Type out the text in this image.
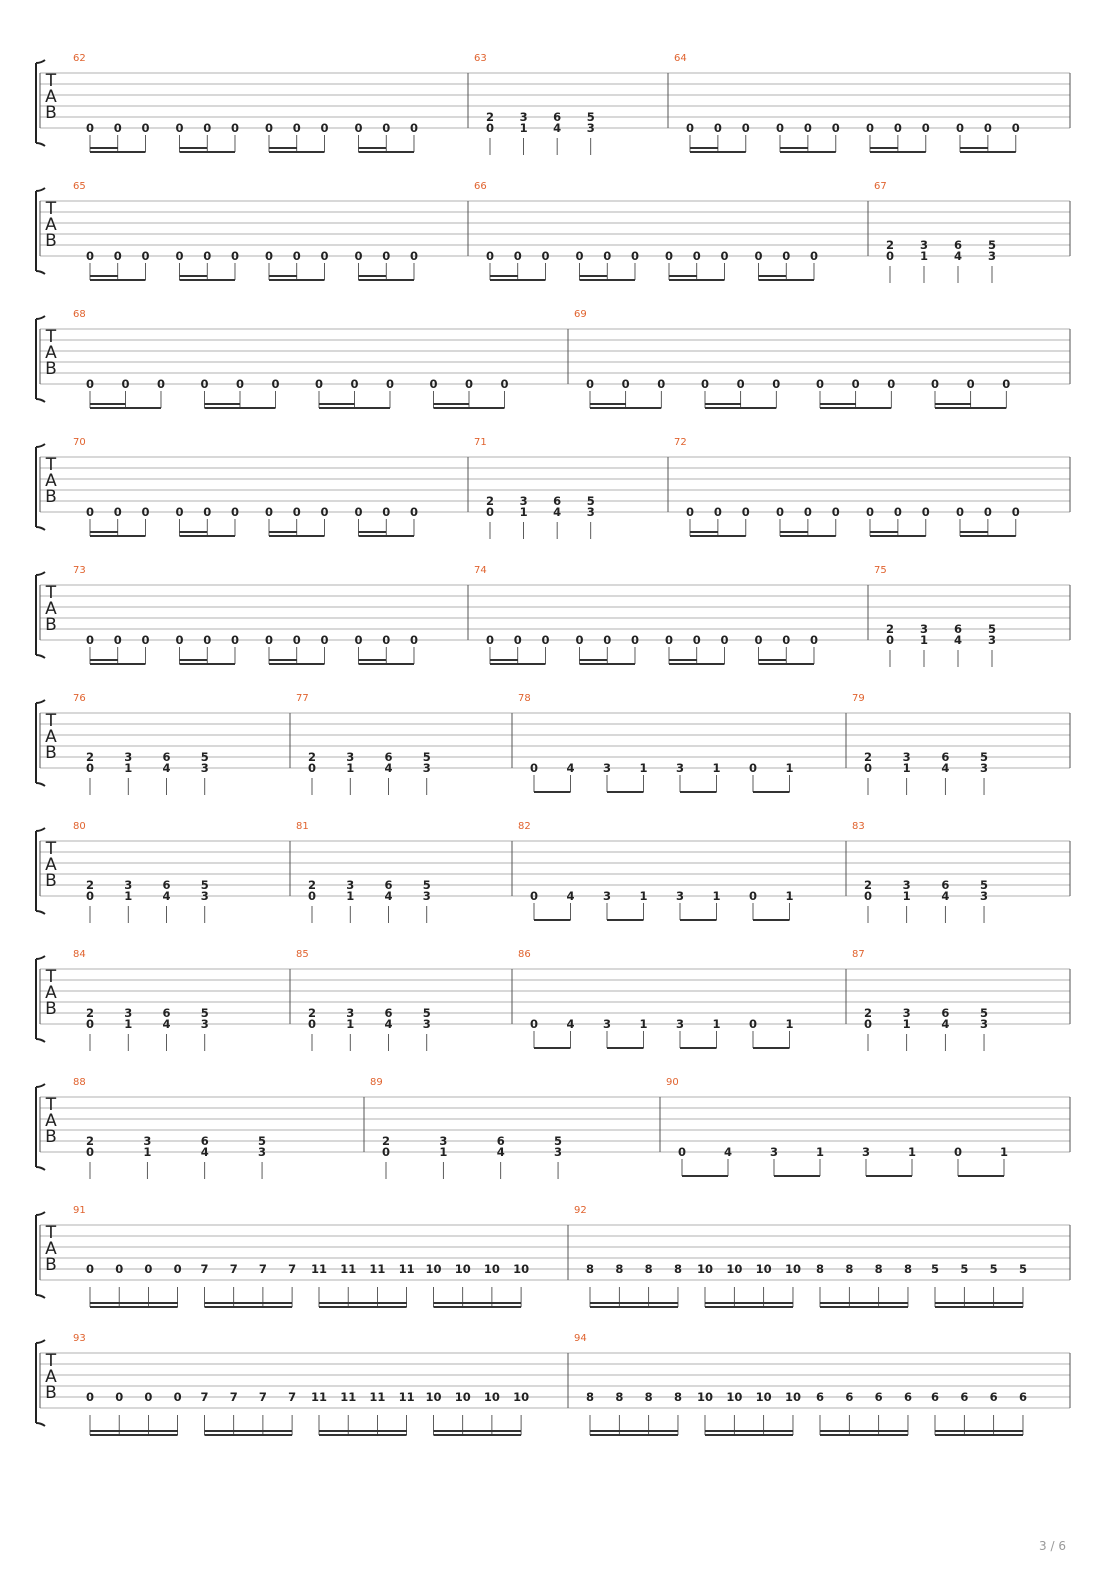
T
A
B
62
0 0 0 0 0 0 0 0 0 0 0 0
63
2
0
3
1
6
4
5
3
64
0 0 0 0 0 0 0 0 0 0 0 0
T
A
B
65
0 0 0 0 0 0 0 0 0 0 0 0
66
0 0 0 0 0 0 0 0 0 0 0 0
67
2
0
3
1
6
4
5
3
T
A
B
68
0 0 0	0 0 0	0 0 0	0 0 0
69
0 0 0	0 0 0	0 0 0	0 0 0
T
A
B
70
0 0 0 0 0 0 0 0 0 0 0 0
71
2
0
3
1
6
4
5
3
72
0 0 0 0 0 0 0 0 0 0 0 0
T
A
B
73
0 0 0 0 0 0 0 0 0 0 0 0
74
0 0 0 0 0 0 0 0 0 0 0 0
75
2
0
3
1
6
4
5
3
T
A
B
76
2
0
3
1
6
4
5
3
77
2
0
3
1
6
4
5
3
78
0 4 3 1 3 1 0 1
79
2
0
3
1
6
4
5
3
T
A
B
80
2
0
3
1
6
4
5
3
81
2
0
3
1
6
4
5
3
82
0 4 3 1 3 1 0 1
83
2
0
3
1
6
4
5
3
T
A
B
84
2
0
3
1
6
4
5
3
85
2
0
3
1
6
4
5
3
86
0 4 3 1 3 1 0 1
87
2
0
3
1
6
4
5
3
T
A
B
88
2
0
3
1
6
4
5
3
89
2
0
3
1
6
4
5
3
90
0	4	3	1	3	1	0	1
T
A
B
91
0 0 0 0 7 7 7 7 11 11 11 11 10 10 10 10
92
8 8 8 8 10 10 10 10 8 8 8 8 5 5 5 5
T
A
B
93
0 0 0 0 7 7 7 7 11 11 11 11 10 10 10 10
94
8 8 8 8 10 10 10 10 6 6 6 6 6 6 6 6
3 / 6
